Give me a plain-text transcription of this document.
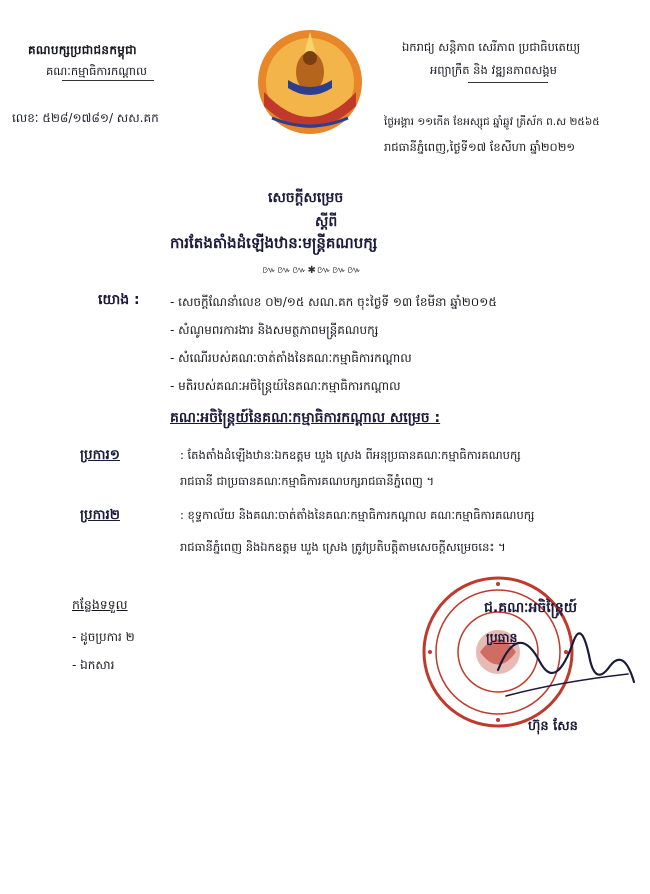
គណបក្សប្រជាជនកម្ពុជា
គណៈកម្មាធិការកណ្ដាល
លេខៈ ៥២៨/១៧៨១/ សស.គក
ឯករាជ្យ សន្តិភាព សេរីភាព ប្រជាធិបតេយ្យ
អព្យាក្រឹត និង វឌ្ឍនភាពសង្គម
ថ្ងៃអង្គារ ១១កើត ខែអស្សុជ ឆ្នាំឆ្លូវ ត្រីស័ក ព.ស ២៥៦៥
រាជធានីភ្នំពេញ,ថ្ងៃទី១៧ ខែសីហា ឆ្នាំ២០២១
សេចក្ដីសម្រេច
ស្ដីពី
ការតែងតាំងដំឡើងឋានៈមន្ត្រីគណបក្ស
៚៚៚✱៚៚៚
យោង :	- សេចក្ដីណែនាំលេខ ០២/១៥ សណ.គក ចុះថ្ងៃទី ១៣ ខែមីនា ឆ្នាំ២០១៥
- សំណូមពរការងារ និងសមត្ថភាពមន្ត្រីគណបក្ស
- សំណើរបស់គណៈចាត់តាំងនៃគណៈកម្មាធិការកណ្ដាល
- មតិរបស់គណៈអចិន្ត្រៃយ៍នៃគណៈកម្មាធិការកណ្ដាល
គណៈអចិន្ត្រៃយ៍នៃគណៈកម្មាធិការកណ្ដាល សម្រេច :
ប្រការ១	: តែងតាំងដំឡើងឋានៈឯកឧត្តម ឃួង ស្រេង ពីអនុប្រធានគណៈកម្មាធិការគណបក្ស
រាជធានី ជាប្រធានគណៈកម្មាធិការគណបក្សរាជធានីភ្នំពេញ ។
ប្រការ២	: ខុទ្ទកាល័យ និងគណៈចាត់តាំងនៃគណៈកម្មាធិការកណ្ដាល គណៈកម្មាធិការគណបក្ស
រាជធានីភ្នំពេញ និងឯកឧត្តម ឃួង ស្រេង ត្រូវប្រតិបត្តិតាមសេចក្ដីសម្រេចនេះ ។
កន្លែងទទួល
- ដូចប្រការ ២
- ឯកសារ
ជ.គណៈអចិន្ត្រៃយ៍
ប្រធាន
ហ៊ុន សែន
